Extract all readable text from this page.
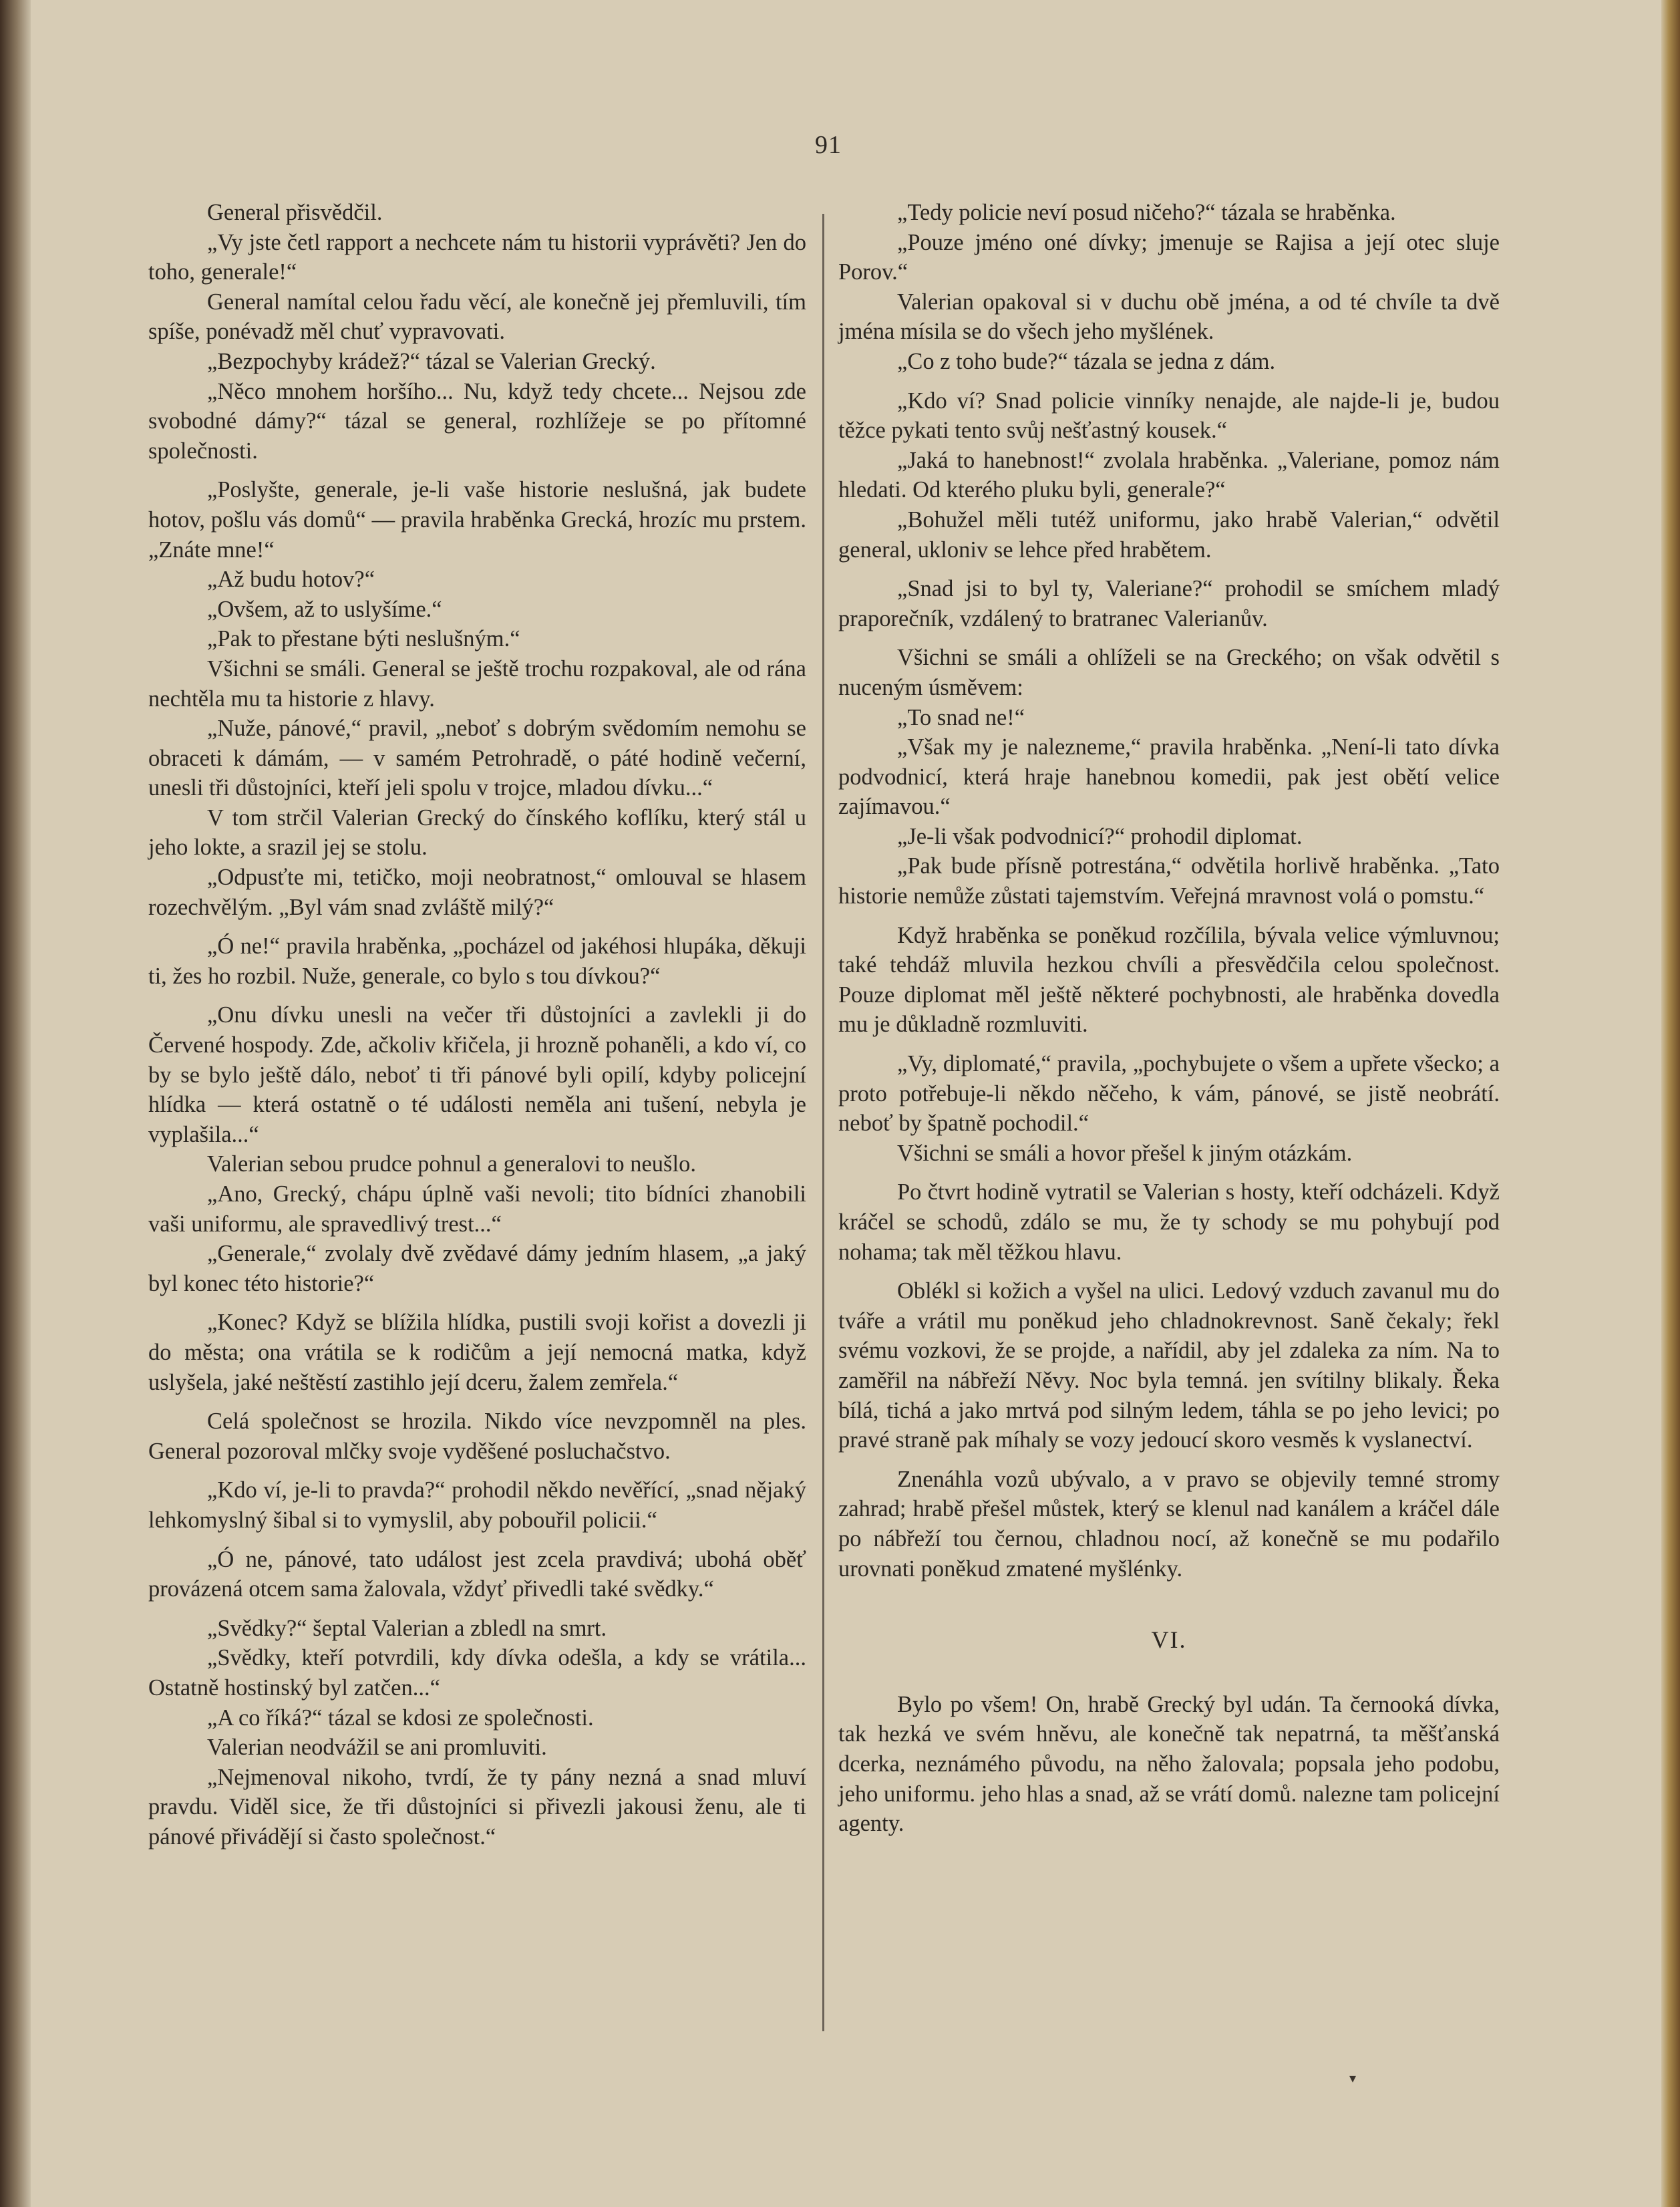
91

General přisvědčil.

„Vy jste četl rapport a nechcete nám tu historii vyprávěti? Jen do toho, generale!“

General namítal celou řadu věcí, ale konečně jej přemluvili, tím spíše, ponévadž měl chuť vypravovati.

„Bezpochyby krádež?“ tázal se Valerian Grecký.

„Něco mnohem horšího... Nu, když tedy chcete... Nejsou zde svobodné dámy?“ tázal se general, rozhlížeje se po přítomné společnosti.

„Poslyšte, generale, je-li vaše historie neslušná, jak budete hotov, pošlu vás domů“ — pravila hraběnka Grecká, hrozíc mu prstem. „Znáte mne!“

„Až budu hotov?“

„Ovšem, až to uslyšíme.“

„Pak to přestane býti neslušným.“

Všichni se smáli. General se ještě trochu rozpakoval, ale od rána nechtěla mu ta historie z hlavy.

„Nuže, pánové,“ pravil, „neboť s dobrým svědomím nemohu se obraceti k dámám, — v samém Petrohradě, o páté hodině večerní, unesli tři důstojníci, kteří jeli spolu v trojce, mladou dívku...“

V tom strčil Valerian Grecký do čínského koflíku, který stál u jeho lokte, a srazil jej se stolu.

„Odpusťte mi, tetičko, moji neobratnost,“ omlouval se hlasem rozechvělým. „Byl vám snad zvláště milý?“

„Ó ne!“ pravila hraběnka, „pocházel od jakéhosi hlupáka, děkuji ti, žes ho rozbil. Nuže, generale, co bylo s tou dívkou?“

„Onu dívku unesli na večer tři důstojníci a zavlekli ji do Červené hospody. Zde, ačkoliv křičela, ji hrozně pohaněli, a kdo ví, co by se bylo ještě dálo, neboť ti tři pánové byli opilí, kdyby policejní hlídka — která ostatně o té události neměla ani tušení, nebyla je vyplašila...“

Valerian sebou prudce pohnul a generalovi to neušlo.

„Ano, Grecký, chápu úplně vaši nevoli; tito bídníci zhanobili vaši uniformu, ale spravedlivý trest...“

„Generale,“ zvolaly dvě zvědavé dámy jedním hlasem, „a jaký byl konec této historie?“

„Konec? Když se blížila hlídka, pustili svoji kořist a dovezli ji do města; ona vrátila se k rodičům a její nemocná matka, když uslyšela, jaké neštěstí zastihlo její dceru, žalem zemřela.“

Celá společnost se hrozila. Nikdo více nevzpomněl na ples. General pozoroval mlčky svoje vyděšené posluchačstvo.

„Kdo ví, je-li to pravda?“ prohodil někdo nevěřící, „snad nějaký lehkomyslný šibal si to vymyslil, aby pobouřil policii.“

„Ó ne, pánové, tato událost jest zcela pravdivá; ubohá oběť provázená otcem sama žalovala, vždyť přivedli také svědky.“

„Svědky?“ šeptal Valerian a zbledl na smrt.

„Svědky, kteří potvrdili, kdy dívka odešla, a kdy se vrátila... Ostatně hostinský byl zatčen...“

„A co říká?“ tázal se kdosi ze společnosti.

Valerian neodvážil se ani promluviti.

„Nejmenoval nikoho, tvrdí, že ty pány nezná a snad mluví pravdu. Viděl sice, že tři důstojníci si přivezli jakousi ženu, ale ti pánové přivádějí si často společnost.“

„Tedy policie neví posud ničeho?“ tázala se hraběnka.

„Pouze jméno oné dívky; jmenuje se Rajisa a její otec sluje Porov.“

Valerian opakoval si v duchu obě jména, a od té chvíle ta dvě jména mísila se do všech jeho myšlének.

„Co z toho bude?“ tázala se jedna z dám.

„Kdo ví? Snad policie vinníky nenajde, ale najde-li je, budou těžce pykati tento svůj nešťastný kousek.“

„Jaká to hanebnost!“ zvolala hraběnka. „Valeriane, pomoz nám hledati. Od kterého pluku byli, generale?“

„Bohužel měli tutéž uniformu, jako hrabě Valerian,“ odvětil general, ukloniv se lehce před hrabětem.

„Snad jsi to byl ty, Valeriane?“ prohodil se smíchem mladý praporečník, vzdálený to bratranec Valerianův.

Všichni se smáli a ohlíželi se na Greckého; on však odvětil s nuceným úsměvem:

„To snad ne!“

„Však my je nalezneme,“ pravila hraběnka. „Není-li tato dívka podvodnicí, která hraje hanebnou komedii, pak jest obětí velice zajímavou.“

„Je-li však podvodnicí?“ prohodil diplomat.

„Pak bude přísně potrestána,“ odvětila horlivě hraběnka. „Tato historie nemůže zůstati tajemstvím. Veřejná mravnost volá o pomstu.“

Když hraběnka se poněkud rozčílila, bývala velice výmluvnou; také tehdáž mluvila hezkou chvíli a přesvědčila celou společnost. Pouze diplomat měl ještě některé pochybnosti, ale hraběnka dovedla mu je důkladně rozmluviti.

„Vy, diplomaté,“ pravila, „pochybujete o všem a upřete všecko; a proto potřebuje-li někdo něčeho, k vám, pánové, se jistě neobrátí. neboť by špatně pochodil.“

Všichni se smáli a hovor přešel k jiným otázkám.

Po čtvrt hodině vytratil se Valerian s hosty, kteří odcházeli. Když kráčel se schodů, zdálo se mu, že ty schody se mu pohybují pod nohama; tak měl těžkou hlavu.

Oblékl si kožich a vyšel na ulici. Ledový vzduch zavanul mu do tváře a vrátil mu poněkud jeho chladnokrevnost. Saně čekaly; řekl svému vozkovi, že se projde, a nařídil, aby jel zdaleka za ním. Na to zaměřil na nábřeží Něvy. Noc byla temná. jen svítilny blikaly. Řeka bílá, tichá a jako mrtvá pod silným ledem, táhla se po jeho levici; po pravé straně pak míhaly se vozy jedoucí skoro vesměs k vyslanectví.

Znenáhla vozů ubývalo, a v pravo se objevily temné stromy zahrad; hrabě přešel můstek, který se klenul nad kanálem a kráčel dále po nábřeží tou černou, chladnou nocí, až konečně se mu podařilo urovnati poněkud zmatené myšlénky.

VI.

Bylo po všem! On, hrabě Grecký byl udán. Ta černooká dívka, tak hezká ve svém hněvu, ale konečně tak nepatrná, ta měšťanská dcerka, neznámého původu, na něho žalovala; popsala jeho podobu, jeho uniformu. jeho hlas a snad, až se vrátí domů. nalezne tam policejní agenty.

▾
